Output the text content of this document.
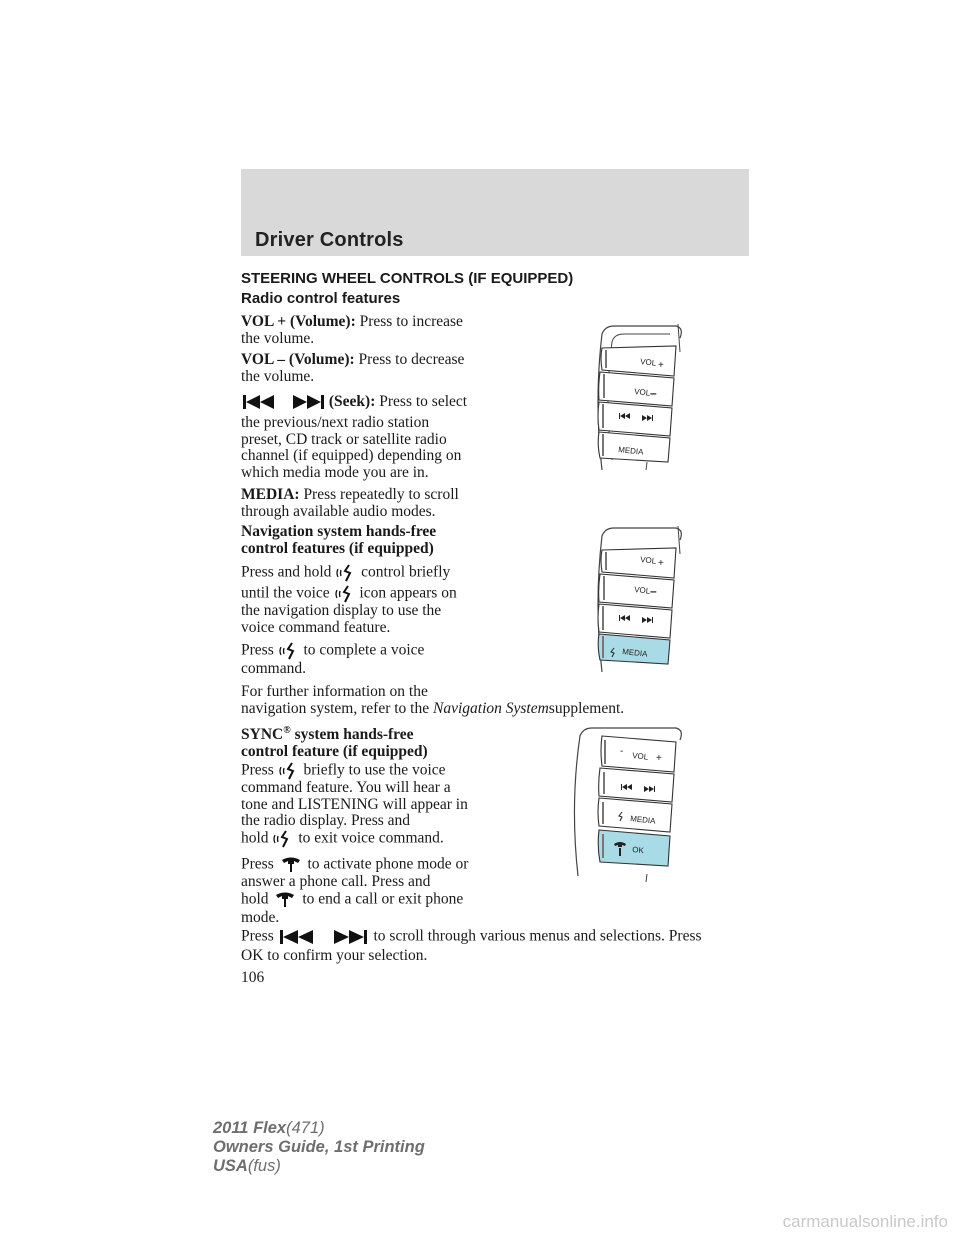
Driver Controls
STEERING WHEEL CONTROLS (IF EQUIPPED)
Radio control features
VOL + (Volume): Press to increase
the volume.
VOL – (Volume): Press to decrease
the volume.
(Seek): Press to select
the previous/next radio station
preset, CD track or satellite radio
channel (if equipped) depending on
which media mode you are in.
MEDIA: Press repeatedly to scroll
through available audio modes.
Navigation system hands-free
control features (if equipped)
Press and hold control briefly
until the voice icon appears on
the navigation display to use the
voice command feature.
Press to complete a voice
command.
For further information on the
navigation system, refer to the Navigation Systemsupplement.
SYNC® system hands-free
control feature (if equipped)
Press briefly to use the voice
command feature. You will hear a
tone and LISTENING will appear in
the radio display. Press and
hold to exit voice command.
Press to activate phone mode or
answer a phone call. Press and
hold to end a call or exit phone
mode.
Press	to scroll through various menus and selections. Press
OK to confirm your selection.
106
VOL +
VOL –
MEDIA
VOL +
VOL –
MEDIA
- VOL +
MEDIA
OK
2011 Flex(471)
Owners Guide, 1st Printing
USA(fus)
carmanualsonline.info
